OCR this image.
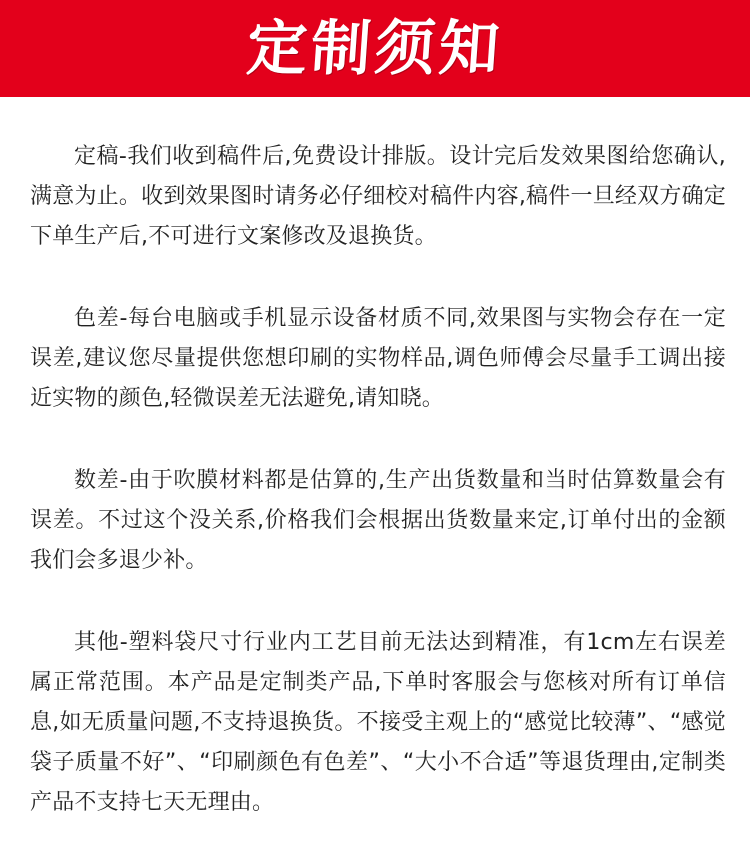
定制须知

定稿-我们收到稿件后,免费设计排版。设计完后发效果图给您确认,满意为止。收到效果图时请务必仔细校对稿件内容,稿件一旦经双方确定下单生产后,不可进行文案修改及退换货。

色差-每台电脑或手机显示设备材质不同,效果图与实物会存在一定误差,建议您尽量提供您想印刷的实物样品,调色师傅会尽量手工调出接近实物的颜色,轻微误差无法避免,请知晓。

数差-由于吹膜材料都是估算的,生产出货数量和当时估算数量会有误差。不过这个没关系,价格我们会根据出货数量来定,订单付出的金额我们会多退少补。

其他-塑料袋尺寸行业内工艺目前无法达到精准，有1cm左右误差属正常范围。本产品是定制类产品,下单时客服会与您核对所有订单信息,如无质量问题,不支持退换货。不接受主观上的“感觉比较薄”、“感觉袋子质量不好”、“印刷颜色有色差”、“大小不合适”等退货理由,定制类产品不支持七天无理由。
